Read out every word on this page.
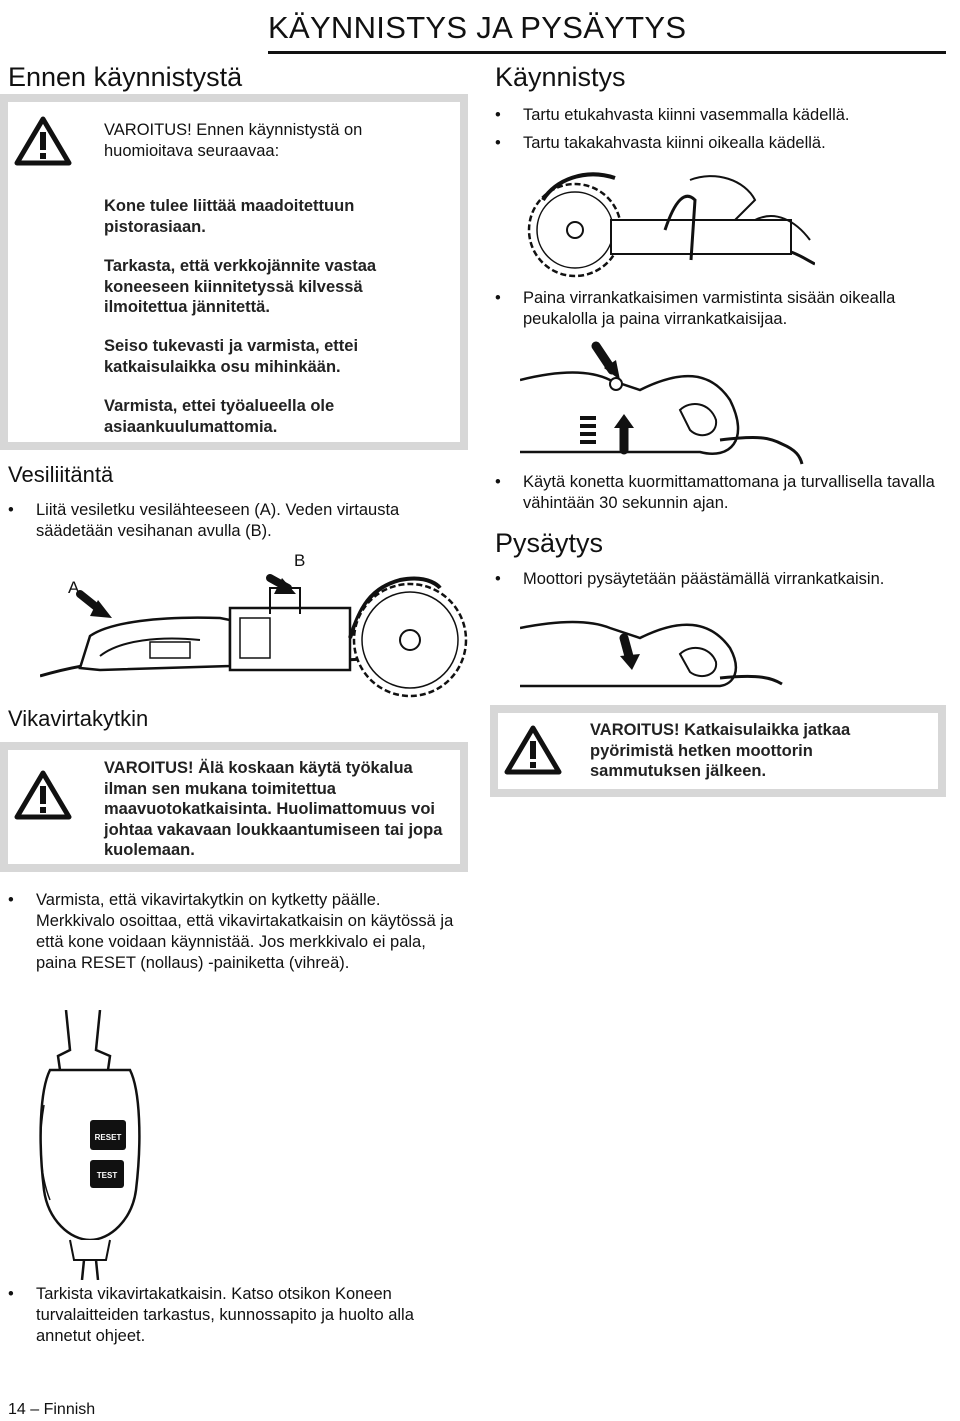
KÄYNNISTYS JA PYSÄYTYS
Ennen käynnistystä
VAROITUS! Ennen käynnistystä on huomioitava seuraavaa:

Kone tulee liittää maadoitettuun pistorasiaan.

Tarkasta, että verkkojännite vastaa koneeseen kiinnitetyssä kilvessä ilmoitettua jännitettä.

Seiso tukevasti ja varmista, ettei katkaisulaikka osu mihinkään.

Varmista, ettei työalueella ole asiaankuulumattomia.

Vesiliitäntä
• Liitä vesiletku vesilähteeseen (A). Veden virtausta säädetään vesihanan avulla (B).
A
B
Vikavirtakytkin
VAROITUS! Älä koskaan käytä työkalua ilman sen mukana toimitettua maavuotokatkaisinta. Huolimattomuus voi johtaa vakavaan loukkaantumiseen tai jopa kuolemaan.
• Varmista, että vikavirtakytkin on kytketty päälle. Merkkivalo osoittaa, että vikavirtakatkaisin on käytössä ja että kone voidaan käynnistää. Jos merkkivalo ei pala, paina RESET (nollaus) -painiketta (vihreä).
RESET
TEST
• Tarkista vikavirtakatkaisin. Katso otsikon Koneen turvalaitteiden tarkastus, kunnossapito ja huolto alla annetut ohjeet.
14 – Finnish
Käynnistys
• Tartu etukahvasta kiinni vasemmalla kädellä.
• Tartu takakahvasta kiinni oikealla kädellä.
• Paina virrankatkaisimen varmistinta sisään oikealla peukalolla ja paina virrankatkaisijaa.
• Käytä konetta kuormittamattomana ja turvallisella tavalla vähintään 30 sekunnin ajan.
Pysäytys
• Moottori pysäytetään päästämällä virrankatkaisin.
VAROITUS! Katkaisulaikka jatkaa pyörimistä hetken moottorin sammutuksen jälkeen.
